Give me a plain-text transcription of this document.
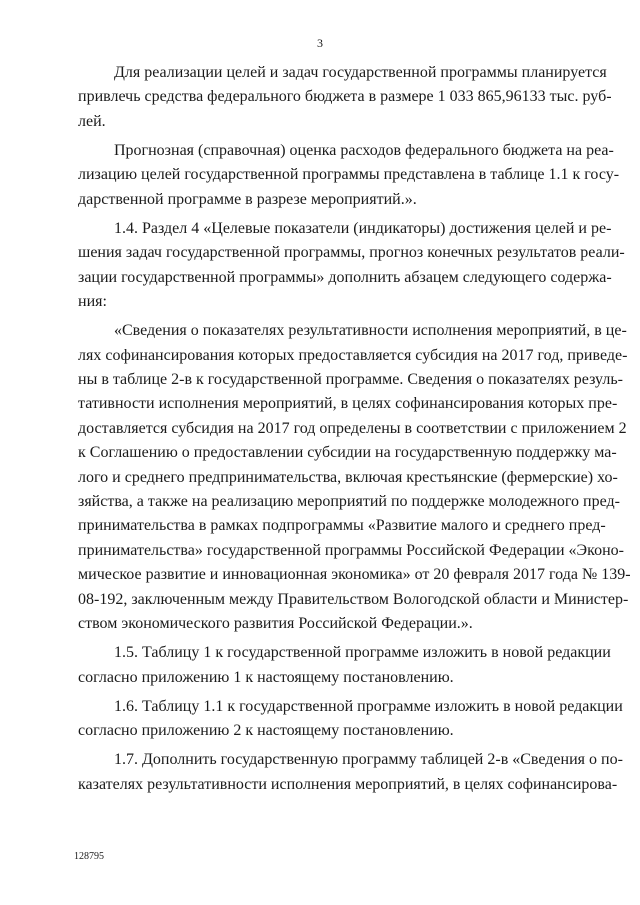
3
Для реализации целей и задач государственной программы планируется
привлечь средства федерального бюджета в размере 1 033 865,96133 тыс. руб-
лей.
Прогнозная (справочная) оценка расходов федерального бюджета на реа-
лизацию целей государственной программы представлена в таблице 1.1 к госу-
дарственной программе в разрезе мероприятий.».
1.4. Раздел 4 «Целевые показатели (индикаторы) достижения целей и ре-
шения задач государственной программы, прогноз конечных результатов реали-
зации государственной программы» дополнить абзацем следующего содержа-
ния:
«Сведения о показателях результативности исполнения мероприятий, в це-
лях софинансирования которых предоставляется субсидия на 2017 год, приведе-
ны в таблице 2-в к государственной программе. Сведения о показателях резуль-
тативности исполнения мероприятий, в целях софинансирования которых пре-
доставляется субсидия на 2017 год определены в соответствии с приложением 2
к Соглашению о предоставлении субсидии на государственную поддержку ма-
лого и среднего предпринимательства, включая крестьянские (фермерские) хо-
зяйства, а также на реализацию мероприятий по поддержке молодежного пред-
принимательства в рамках подпрограммы «Развитие малого и среднего пред-
принимательства» государственной программы Российской Федерации «Эконо-
мическое развитие и инновационная экономика» от 20 февраля 2017 года № 139-
08-192, заключенным между Правительством Вологодской области и Министер-
ством экономического развития Российской Федерации.».
1.5. Таблицу 1 к государственной программе изложить в новой редакции
согласно приложению 1 к настоящему постановлению.
1.6. Таблицу 1.1 к государственной программе изложить в новой редакции
согласно приложению 2 к настоящему постановлению.
1.7. Дополнить государственную программу таблицей 2-в «Сведения о по-
казателях результативности исполнения мероприятий, в целях софинансирова-
128795
